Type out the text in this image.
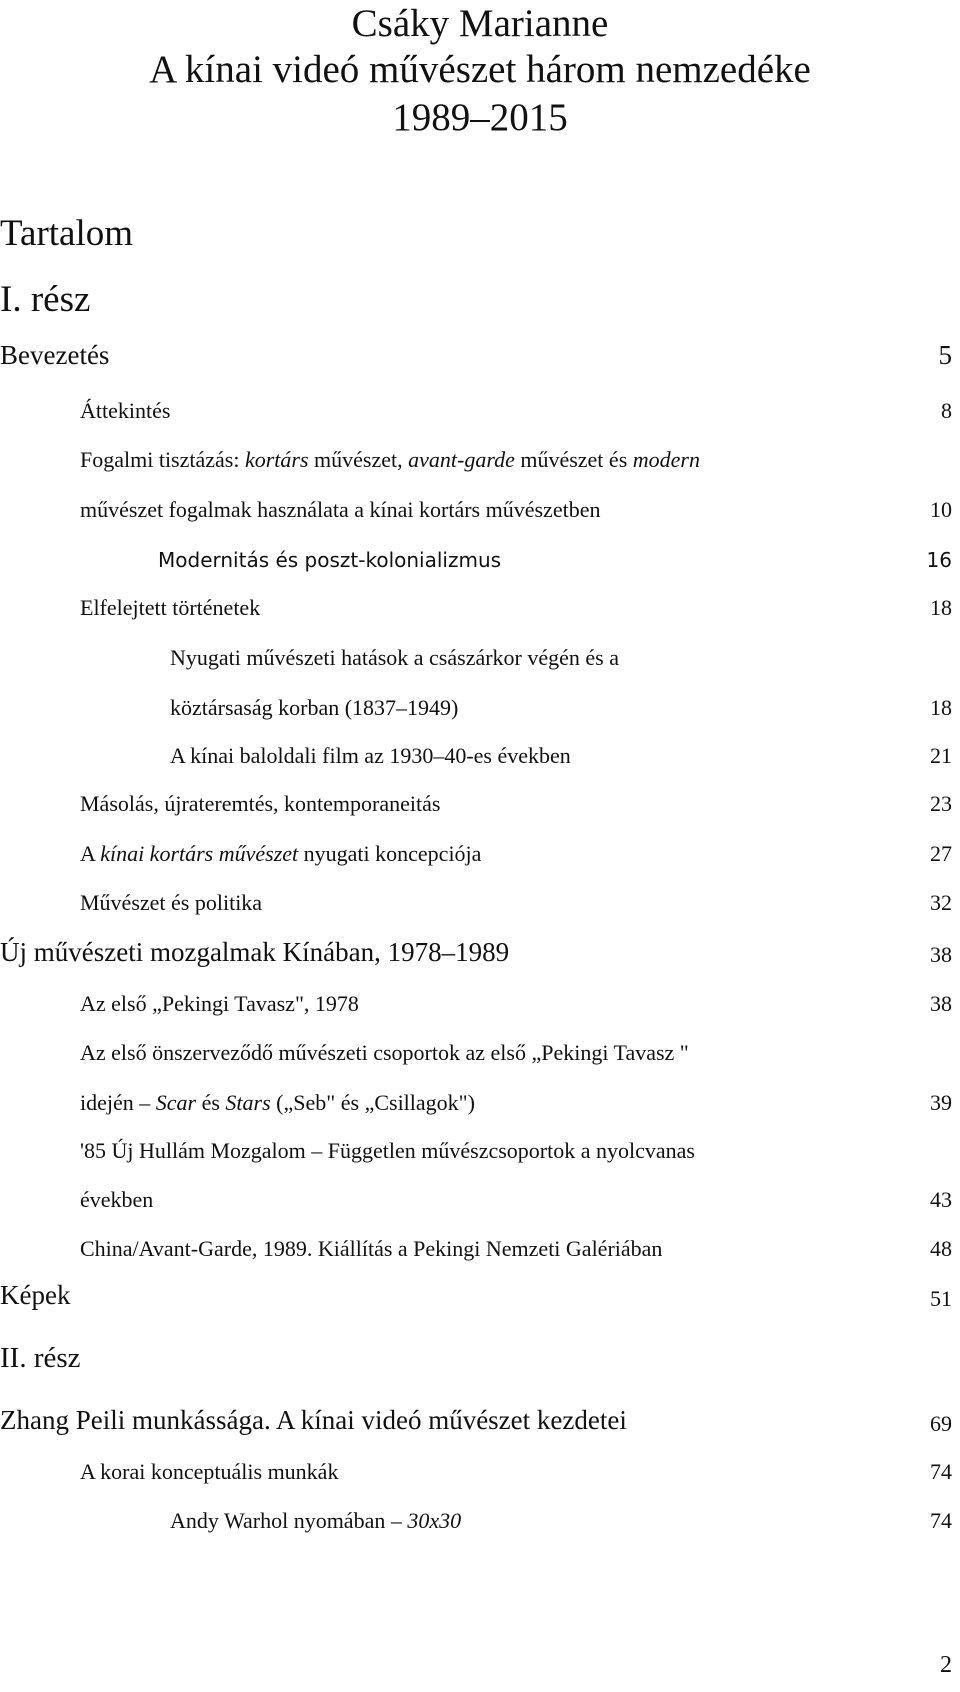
Csáky Marianne
A kínai videó művészet három nemzedéke
1989–2015
Tartalom
I. rész
Bevezetés	5
Áttekintés	8
Fogalmi tisztázás: kortárs művészet, avant-garde művészet és modern
művészet fogalmak használata a kínai kortárs művészetben	10
Modernitás és poszt-kolonializmus	16
Elfelejtett történetek	18
Nyugati művészeti hatások a császárkor végén és a
köztársaság korban (1837–1949)	18
A kínai baloldali film az 1930–40-es években	21
Másolás, újrateremtés, kontemporaneitás	23
A kínai kortárs művészet nyugati koncepciója	27
Művészet és politika	32
Új művészeti mozgalmak Kínában, 1978–1989	38
Az első „Pekingi Tavasz", 1978	38
Az első önszerveződő művészeti csoportok az első „Pekingi Tavasz "
idején – Scar és Stars („Seb" és „Csillagok")	39
'85 Új Hullám Mozgalom – Független művészcsoportok a nyolcvanas
években	43
China/Avant-Garde, 1989. Kiállítás a Pekingi Nemzeti Galériában	48
Képek	51
II. rész
Zhang Peili munkássága. A kínai videó művészet kezdetei	69
A korai konceptuális munkák	74
Andy Warhol nyomában – 30x30	74
2
